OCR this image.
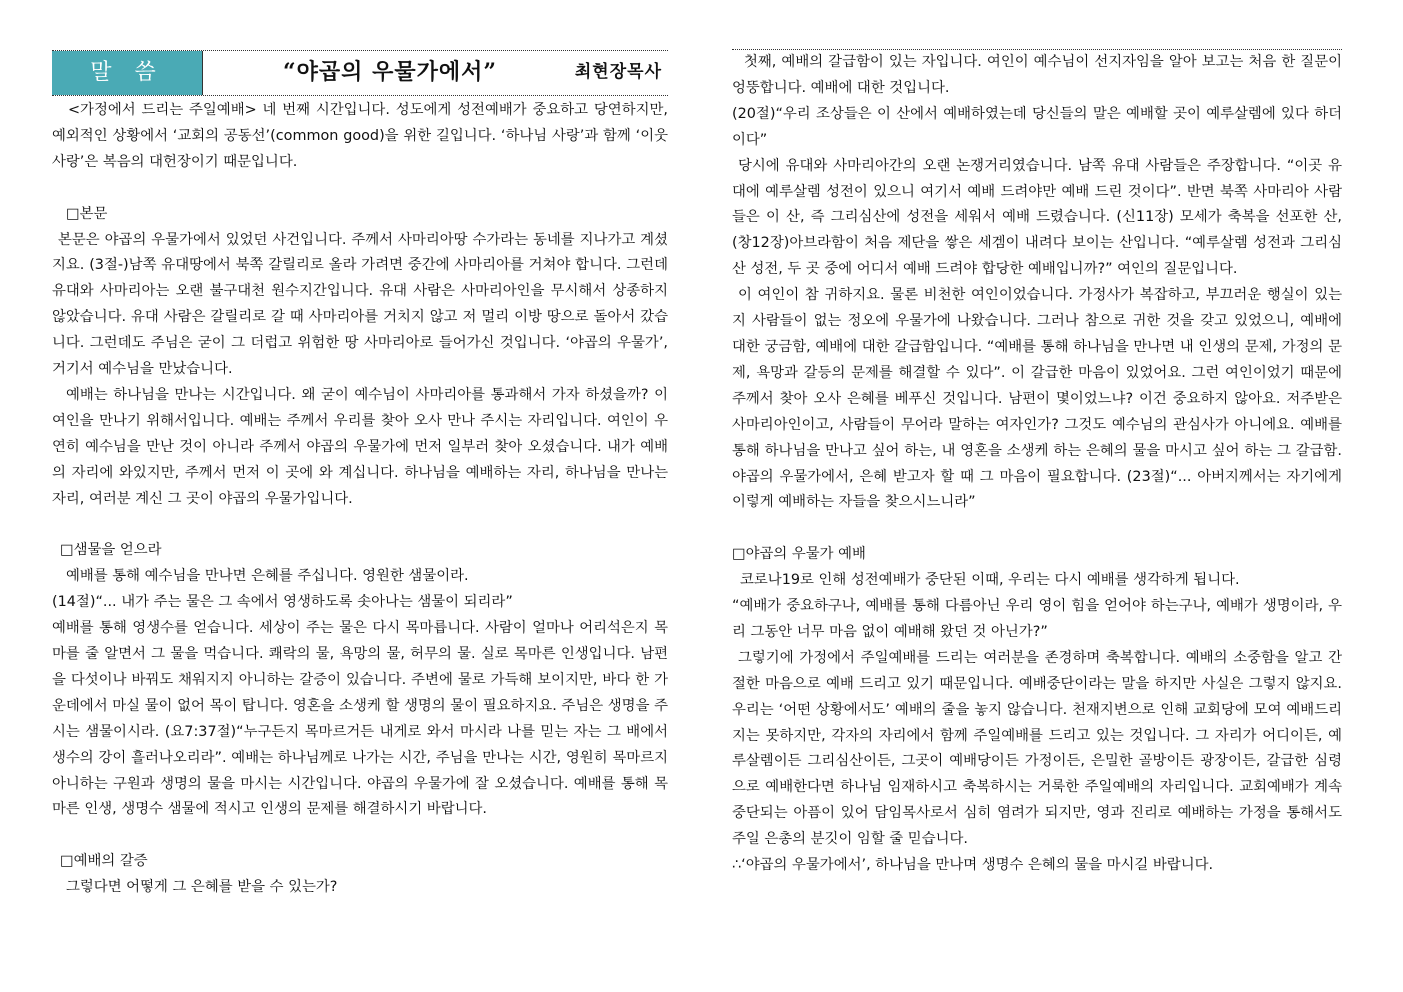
말 씀	“야곱의 우물가에서”	최현장목사

<가정에서 드리는 주일예배> 네 번째 시간입니다. 성도에게 성전예배가 중요하고 당연하지만, 예외적인 상황에서 ‘교회의 공동선’(common good)을 위한 길입니다. ‘하나님 사랑’과 함께 ‘이웃 사랑’은 복음의 대헌장이기 때문입니다.

□본문

본문은 야곱의 우물가에서 있었던 사건입니다. 주께서 사마리아땅 수가라는 동네를 지나가고 계셨지요. (3절-)남쪽 유대땅에서 북쪽 갈릴리로 올라 가려면 중간에 사마리아를 거쳐야 합니다. 그런데 유대와 사마리아는 오랜 불구대천 원수지간입니다. 유대 사람은 사마리아인을 무시해서 상종하지 않았습니다. 유대 사람은 갈릴리로 갈 때 사마리아를 거치지 않고 저 멀리 이방 땅으로 돌아서 갔습니다. 그런데도 주님은 굳이 그 더럽고 위험한 땅 사마리아로 들어가신 것입니다. ‘야곱의 우물가’, 거기서 예수님을 만났습니다.

예배는 하나님을 만나는 시간입니다. 왜 굳이 예수님이 사마리아를 통과해서 가자 하셨을까? 이 여인을 만나기 위해서입니다. 예배는 주께서 우리를 찾아 오사 만나 주시는 자리입니다. 여인이 우연히 예수님을 만난 것이 아니라 주께서 야곱의 우물가에 먼저 일부러 찾아 오셨습니다. 내가 예배의 자리에 와있지만, 주께서 먼저 이 곳에 와 계십니다. 하나님을 예배하는 자리, 하나님을 만나는 자리, 여러분 계신 그 곳이 야곱의 우물가입니다.

□샘물을 얻으라

예배를 통해 예수님을 만나면 은혜를 주십니다. 영원한 샘물이라.

(14절)“... 내가 주는 물은 그 속에서 영생하도록 솟아나는 샘물이 되리라”

예배를 통해 영생수를 얻습니다. 세상이 주는 물은 다시 목마릅니다. 사람이 얼마나 어리석은지 목마를 줄 알면서 그 물을 먹습니다. 쾌락의 물, 욕망의 물, 허무의 물. 실로 목마른 인생입니다. 남편을 다섯이나 바꿔도 채워지지 아니하는 갈증이 있습니다. 주변에 물로 가득해 보이지만, 바다 한 가운데에서 마실 물이 없어 목이 탑니다. 영혼을 소생케 할 생명의 물이 필요하지요. 주님은 생명을 주시는 샘물이시라. (요7:37절)“누구든지 목마르거든 내게로 와서 마시라 나를 믿는 자는 그 배에서 생수의 강이 흘러나오리라”. 예배는 하나님께로 나가는 시간, 주님을 만나는 시간, 영원히 목마르지 아니하는 구원과 생명의 물을 마시는 시간입니다. 야곱의 우물가에 잘 오셨습니다. 예배를 통해 목마른 인생, 생명수 샘물에 적시고 인생의 문제를 해결하시기 바랍니다.

□예배의 갈증

그렇다면 어떻게 그 은혜를 받을 수 있는가?

첫째, 예배의 갈급함이 있는 자입니다. 여인이 예수님이 선지자임을 알아 보고는 처음 한 질문이 엉뚱합니다. 예배에 대한 것입니다.

(20절)“우리 조상들은 이 산에서 예배하였는데 당신들의 말은 예배할 곳이 예루살렘에 있다 하더이다”

당시에 유대와 사마리아간의 오랜 논쟁거리였습니다. 남쪽 유대 사람들은 주장합니다. “이곳 유대에 예루살렘 성전이 있으니 여기서 예배 드려야만 예배 드린 것이다”. 반면 북쪽 사마리아 사람들은 이 산, 즉 그리심산에 성전을 세워서 예배 드렸습니다. (신11장) 모세가 축복을 선포한 산, (창12장)아브라함이 처음 제단을 쌓은 세겜이 내려다 보이는 산입니다. “예루살렘 성전과 그리심산 성전, 두 곳 중에 어디서 예배 드려야 합당한 예배입니까?” 여인의 질문입니다.

이 여인이 참 귀하지요. 물론 비천한 여인이었습니다. 가정사가 복잡하고, 부끄러운 행실이 있는지 사람들이 없는 정오에 우물가에 나왔습니다. 그러나 참으로 귀한 것을 갖고 있었으니, 예배에 대한 궁금함, 예배에 대한 갈급함입니다. “예배를 통해 하나님을 만나면 내 인생의 문제, 가정의 문제, 욕망과 갈등의 문제를 해결할 수 있다”. 이 갈급한 마음이 있었어요. 그런 여인이었기 때문에 주께서 찾아 오사 은혜를 베푸신 것입니다. 남편이 몇이었느냐? 이건 중요하지 않아요. 저주받은 사마리아인이고, 사람들이 무어라 말하는 여자인가? 그것도 예수님의 관심사가 아니에요. 예배를 통해 하나님을 만나고 싶어 하는, 내 영혼을 소생케 하는 은혜의 물을 마시고 싶어 하는 그 갈급함. 야곱의 우물가에서, 은혜 받고자 할 때 그 마음이 필요합니다. (23절)“... 아버지께서는 자기에게 이렇게 예배하는 자들을 찾으시느니라”

□야곱의 우물가 예배

코로나19로 인해 성전예배가 중단된 이때, 우리는 다시 예배를 생각하게 됩니다.

“예배가 중요하구나, 예배를 통해 다름아닌 우리 영이 힘을 얻어야 하는구나, 예배가 생명이라, 우리 그동안 너무 마음 없이 예배해 왔던 것 아닌가?”

그렇기에 가정에서 주일예배를 드리는 여러분을 존경하며 축복합니다. 예배의 소중함을 알고 간절한 마음으로 예배 드리고 있기 때문입니다. 예배중단이라는 말을 하지만 사실은 그렇지 않지요. 우리는 ‘어떤 상황에서도’ 예배의 줄을 놓지 않습니다. 천재지변으로 인해 교회당에 모여 예배드리지는 못하지만, 각자의 자리에서 함께 주일예배를 드리고 있는 것입니다. 그 자리가 어디이든, 예루살렘이든 그리심산이든, 그곳이 예배당이든 가정이든, 은밀한 골방이든 광장이든, 갈급한 심령으로 예배한다면 하나님 임재하시고 축복하시는 거룩한 주일예배의 자리입니다. 교회예배가 계속 중단되는 아픔이 있어 담임목사로서 심히 염려가 되지만, 영과 진리로 예배하는 가정을 통해서도 주일 은총의 분깃이 임할 줄 믿습니다.

∴‘야곱의 우물가에서’, 하나님을 만나며 생명수 은혜의 물을 마시길 바랍니다.
